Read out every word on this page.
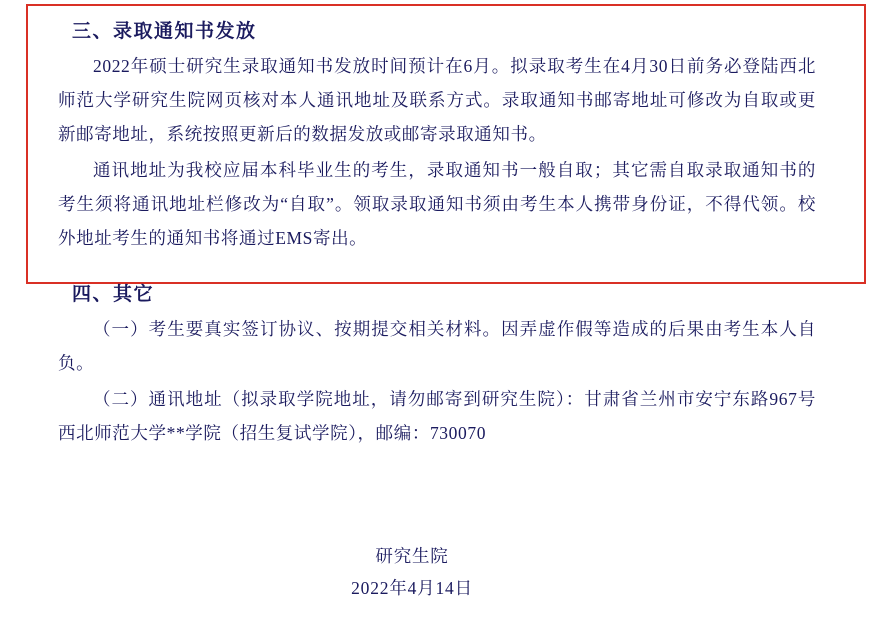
三、录取通知书发放

2022年硕士研究生录取通知书发放时间预计在6月。拟录取考生在4月30日前务必登陆西北师范大学研究生院网页核对本人通讯地址及联系方式。录取通知书邮寄地址可修改为自取或更新邮寄地址，系统按照更新后的数据发放或邮寄录取通知书。

通讯地址为我校应届本科毕业生的考生，录取通知书一般自取；其它需自取录取通知书的考生须将通讯地址栏修改为“自取”。领取录取通知书须由考生本人携带身份证，不得代领。校外地址考生的通知书将通过EMS寄出。

四、其它

（一）考生要真实签订协议、按期提交相关材料。因弄虚作假等造成的后果由考生本人自负。

（二）通讯地址（拟录取学院地址，请勿邮寄到研究生院）：甘肃省兰州市安宁东路967号西北师范大学**学院（招生复试学院），邮编：730070

研究生院
2022年4月14日
